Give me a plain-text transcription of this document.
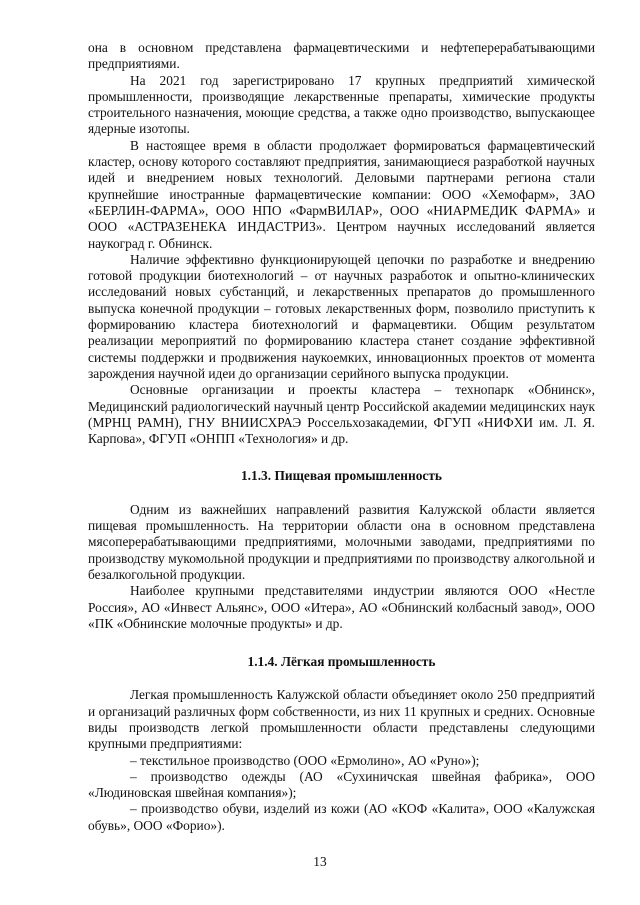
она в основном представлена фармацевтическими и нефтеперерабатывающими предприятиями.

На 2021 год зарегистрировано 17 крупных предприятий химической промышленности, производящие лекарственные препараты, химические продукты строительного назначения, моющие средства, а также одно производство, выпускающее ядерные изотопы.

В настоящее время в области продолжает формироваться фармацевтический кластер, основу которого составляют предприятия, занимающиеся разработкой научных идей и внедрением новых технологий. Деловыми партнерами региона стали крупнейшие иностранные фармацевтические компании: ООО «Хемофарм», ЗАО «БЕРЛИН-ФАРМА», ООО НПО «ФармВИЛАР», ООО «НИАРМЕДИК ФАРМА» и ООО «АСТРАЗЕНЕКА ИНДАСТРИЗ». Центром научных исследований является наукоград г. Обнинск.

Наличие эффективно функционирующей цепочки по разработке и внедрению готовой продукции биотехнологий – от научных разработок и опытно-клинических исследований новых субстанций, и лекарственных препаратов до промышленного выпуска конечной продукции – готовых лекарственных форм, позволило приступить к формированию кластера биотехнологий и фармацевтики. Общим результатом реализации мероприятий по формированию кластера станет создание эффективной системы поддержки и продвижения наукоемких, инновационных проектов от момента зарождения научной идеи до организации серийного выпуска продукции.

Основные организации и проекты кластера – технопарк «Обнинск», Медицинский радиологический научный центр Российской академии медицинских наук (МРНЦ РАМН), ГНУ ВНИИСХРАЭ Россельхозакадемии, ФГУП «НИФХИ им. Л. Я. Карпова», ФГУП «ОНПП «Технология» и др.

1.1.3. Пищевая промышленность

Одним из важнейших направлений развития Калужской области является пищевая промышленность. На территории области она в основном представлена мясоперерабатывающими предприятиями, молочными заводами, предприятиями по производству мукомольной продукции и предприятиями по производству алкогольной и безалкогольной продукции.

Наиболее крупными представителями индустрии являются ООО «Нестле Россия», АО «Инвест Альянс», ООО «Итера», АО «Обнинский колбасный завод», ООО «ПК «Обнинские молочные продукты» и др.

1.1.4. Лёгкая промышленность

Легкая промышленность Калужской области объединяет около 250 предприятий и организаций различных форм собственности, из них 11 крупных и средних. Основные виды производств легкой промышленности области представлены следующими крупными предприятиями:

– текстильное производство (ООО «Ермолино», АО «Руно»);

– производство одежды (АО «Сухиничская швейная фабрика», ООО «Людиновская швейная компания»);

– производство обуви, изделий из кожи (АО «КОФ «Калита», ООО «Калужская обувь», ООО «Форио»).

13
